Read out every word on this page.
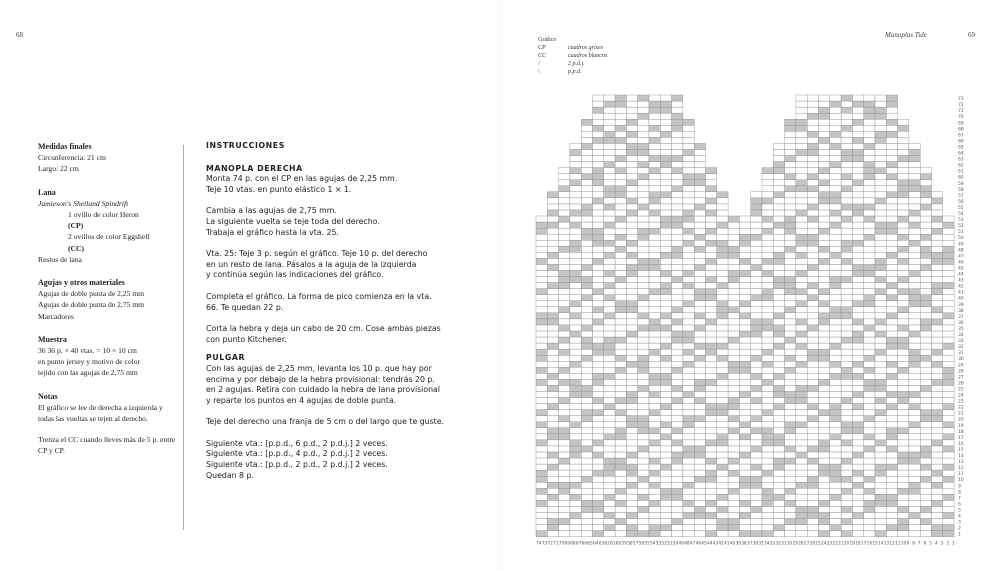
68	69
Manoplas Tide
Medidas finales

Circunferencia: 21 cm

Largo: 22 cm

Lana

Jamieson's Shetland Spindrift

1 ovillo de color Heron

(CP)

2 ovillos de color Eggshell

(CC)

Restos de lana

Agujas y otros materiales

Agujas de doble punta de 2,25 mm

Agujas de doble punta de 2,75 mm

Marcadores

Muestra

36 36 p. × 40 vtas. = 10 × 10 cm

en punto jersey y motivo de color

tejido con las agujas de 2,75 mm

Notas

El gráfico se lee de derecha a izquierda y todas las vueltas se tejen al derecho.

Trenza el CC cuando lleves más de 5 p. entre CP y CP.

INSTRUCCIONES
MANOPLA DERECHA

Monta 74 p. con el CP en las agujas de 2,25 mm.
Teje 10 vtas. en punto elástico 1 × 1.

Cambia a las agujas de 2,75 mm.
La siguiente vuelta se teje toda del derecho.
Trabaja el gráfico hasta la vta. 25.

Vta. 25: Teje 3 p. según el gráfico. Teje 10 p. del derecho
en un resto de lana. Pásalos a la aguja de la izquierda
y continúa según las indicaciones del gráfico.

Completa el gráfico. La forma de pico comienza en la vta.
66. Te quedan 22 p.

Corta la hebra y deja un cabo de 20 cm. Cose ambas piezas
con punto Kitchener.

PULGAR

Con las agujas de 2,25 mm, levanta los 10 p. que hay por
encima y por debajo de la hebra provisional: tendrás 20 p.
en 2 agujas. Retira con cuidado la hebra de lana provisional
y reparte los puntos en 4 agujas de doble punta.

Teje del derecho una franja de 5 cm o del largo que te guste.

Siguiente vta.: [p.p.d., 6 p.d., 2 p.d.j.] 2 veces.
Siguiente vta.: [p.p.d., 4 p.d., 2 p.d.j.] 2 veces.
Siguiente vta.: [p.p.d., 2 p.d., 2 p.d.j.] 2 veces.
Quedan 8 p.

Gráfico
CP	cuadros grises
CC	cuadros blancos
/	2 p.d.j.
\	p.p.d.
1
2
3
4
5
6
7
8
9
10
11
12
13
14
15
16
17
18
19
20
21
22
23
24
25
26
27
28
29
30
31
32
33
34
35
36
37
38
39
40
41
42
43
44
45
46
47
48
49
50
51
52
53
54
55
56
57
58
59
60
61
62
63
64
65
66
67
68
69
70
71
72
73
74 73 72 71 70 69 68 67 66 65 64 63 62 61 60 59 58 57 56 55 54 53 52 51 50 49 48 47 46 45 44 43 42 41 40 39 38 37 36 35 34 33 32 31 30 29 28 27 26 25 24 23 22 21 20 19 18 17 16 15 14 13 12 11 10 9 8 7 6 5 4 3 2 1
